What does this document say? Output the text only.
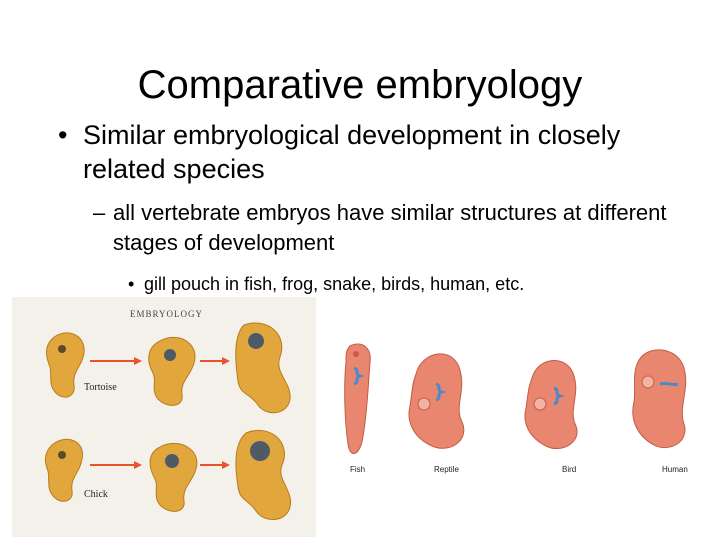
Comparative embryology
• Similar embryological development in closely related species
– all vertebrate embryos have similar structures at different stages of development
• gill pouch in fish, frog, snake, birds, human, etc.
EMBRYOLOGY
Tortoise
Chick
Fish	Reptile	Bird	Human
